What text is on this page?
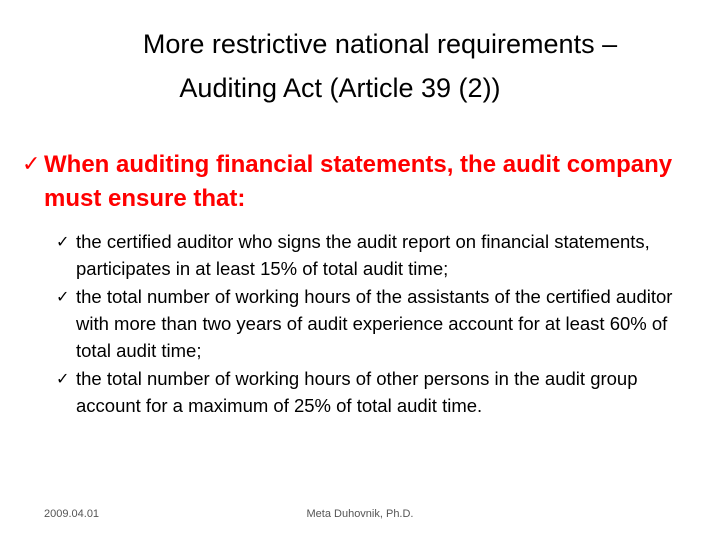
More restrictive national requirements –
Auditing Act (Article 39 (2))
✓ When auditing financial statements, the audit company must ensure that:
✓ the certified auditor who signs the audit report on financial statements, participates in at least 15% of total audit time;
✓ the total number of working hours of the assistants of the certified auditor with more than two years of audit experience account for at least 60% of total audit time;
✓ the total number of working hours of other persons in the audit group account for a maximum of 25% of total audit time.
2009.04.01	Meta Duhovnik, Ph.D.
